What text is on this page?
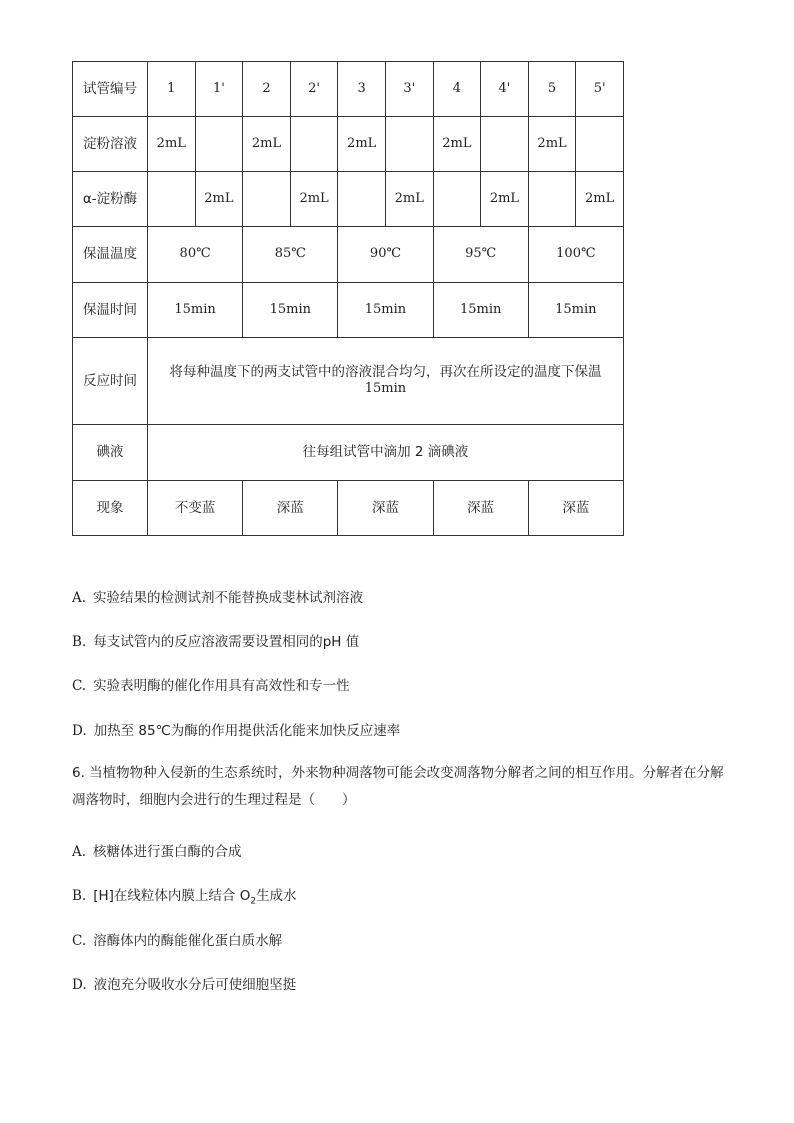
试管编号	1	1'	2	2'	3	3'	4	4'	5	5'
淀粉溶液	2mL		2mL		2mL		2mL		2mL	
α-淀粉酶		2mL		2mL		2mL		2mL		2mL
保温温度	80℃		85℃		90℃		95℃		100℃	
保温时间	15min		15min		15min		15min		15min	
反应时间	将每种温度下的两支试管中的溶液混合均匀，再次在所设定的温度下保温
15min									

碘液	往每组试管中滴加 2 滴碘液									
现象	不变蓝		深蓝		深蓝		深蓝		深蓝	
A. 实验结果的检测试剂不能替换成斐林试剂溶液
B. 每支试管内的反应溶液需要设置相同的pH 值
C. 实验表明酶的催化作用具有高效性和专一性
D. 加热至 85℃为酶的作用提供活化能来加快反应速率
6. 当植物物种入侵新的生态系统时，外来物种凋落物可能会改变凋落物分解者之间的相互作用。分解者在分解凋落物时，细胞内会进行的生理过程是（　　）
A. 核糖体进行蛋白酶的合成
B. [H]在线粒体内膜上结合 $O_2$生成水
C. 溶酶体内的酶能催化蛋白质水解
D. 液泡充分吸收水分后可使细胞坚挺
